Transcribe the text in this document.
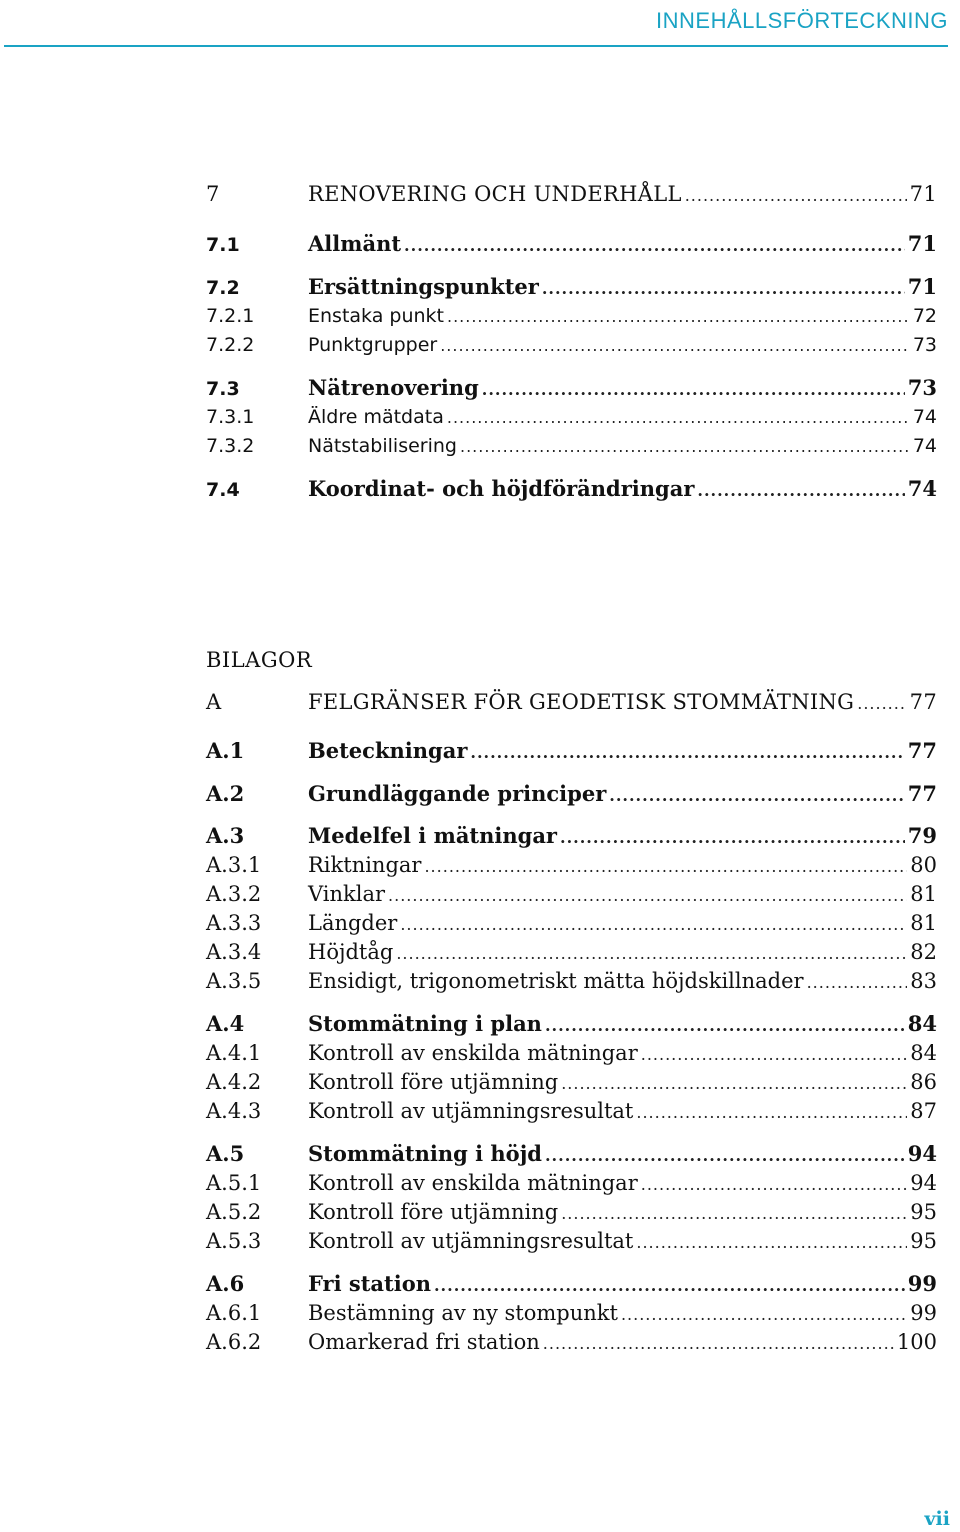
INNEHÅLLSFÖRTECKNING
7	RENOVERING OCH UNDERHÅLL .....	71
7.1	Allmänt .....	71
7.2	Ersättningspunkter .....	71
7.2.1	Enstaka punkt .....	72
7.2.2	Punktgrupper .....	73
7.3	Nätrenovering .....	73
7.3.1	Äldre mätdata .....	74
7.3.2	Nätstabilisering .....	74
7.4	Koordinat- och höjdförändringar .....	74
BILAGOR
A	FELGRÄNSER FÖR GEODETISK STOMMÄTNING .....	77
A.1	Beteckningar .....	77
A.2	Grundläggande principer .....	77
A.3	Medelfel i mätningar .....	79
A.3.1	Riktningar .....	80
A.3.2	Vinklar .....	81
A.3.3	Längder .....	81
A.3.4	Höjdtåg .....	82
A.3.5	Ensidigt, trigonometriskt mätta höjdskillnader .....	83
A.4	Stommätning i plan .....	84
A.4.1	Kontroll av enskilda mätningar .....	84
A.4.2	Kontroll före utjämning .....	86
A.4.3	Kontroll av utjämningsresultat .....	87
A.5	Stommätning i höjd .....	94
A.5.1	Kontroll av enskilda mätningar .....	94
A.5.2	Kontroll före utjämning .....	95
A.5.3	Kontroll av utjämningsresultat .....	95
A.6	Fri station .....	99
A.6.1	Bestämning av ny stompunkt .....	99
A.6.2	Omarkerad fri station .....	100
vii
